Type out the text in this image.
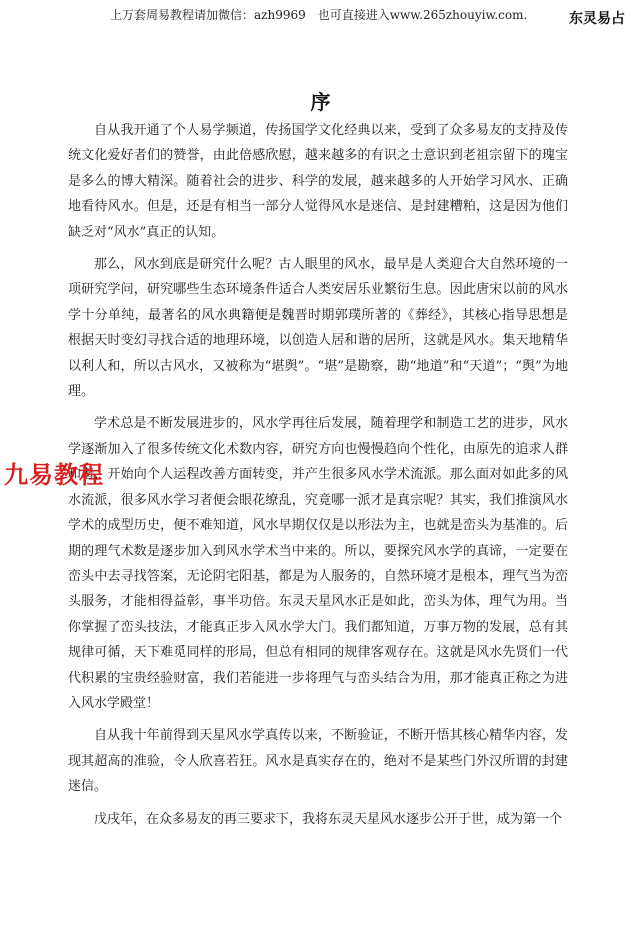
上万套周易教程请加微信：azh9969　也可直接进入www.265zhouyiw.com.	东灵易占
九易教程
序

自从我开通了个人易学频道，传扬国学文化经典以来，受到了众多易友的支持及传统文化爱好者们的赞誉，由此倍感欣慰，越来越多的有识之士意识到老祖宗留下的瑰宝是多么的博大精深。随着社会的进步、科学的发展，越来越多的人开始学习风水、正确地看待风水。但是，还是有相当一部分人觉得风水是迷信、是封建糟粕，这是因为他们缺乏对“风水”真正的认知。

那么，风水到底是研究什么呢？古人眼里的风水，最早是人类迎合大自然环境的一项研究学问，研究哪些生态环境条件适合人类安居乐业繁衍生息。因此唐宋以前的风水学十分单纯，最著名的风水典籍便是魏晋时期郭璞所著的《葬经》，其核心指导思想是根据天时变幻寻找合适的地理环境，以创造人居和谐的居所，这就是风水。集天地精华以利人和，所以古风水，又被称为“堪舆”。“堪”是勘察，勘“地道”和“天道”；“舆”为地理。

学术总是不断发展进步的，风水学再往后发展，随着理学和制造工艺的进步，风水学逐渐加入了很多传统文化术数内容，研究方向也慢慢趋向个性化，由原先的追求人群和谐，开始向个人运程改善方面转变，并产生很多风水学术流派。那么面对如此多的风水流派，很多风水学习者便会眼花缭乱，究竟哪一派才是真宗呢？其实，我们推演风水学术的成型历史，便不难知道，风水早期仅仅是以形法为主，也就是峦头为基准的。后期的理气术数是逐步加入到风水学术当中来的。所以，要探究风水学的真谛，一定要在峦头中去寻找答案，无论阴宅阳基，都是为人服务的，自然环境才是根本，理气当为峦头服务，才能相得益彰，事半功倍。东灵天星风水正是如此，峦头为体，理气为用。当你掌握了峦头技法，才能真正步入风水学大门。我们都知道，万事万物的发展，总有其规律可循，天下难觅同样的形局，但总有相同的规律客观存在。这就是风水先贤们一代代积累的宝贵经验财富，我们若能进一步将理气与峦头结合为用，那才能真正称之为进入风水学殿堂！

自从我十年前得到天星风水学真传以来，不断验证，不断开悟其核心精华内容，发现其超高的准验，令人欣喜若狂。风水是真实存在的，绝对不是某些门外汉所谓的封建迷信。

戊戌年，在众多易友的再三要求下，我将东灵天星风水逐步公开于世，成为第一个
